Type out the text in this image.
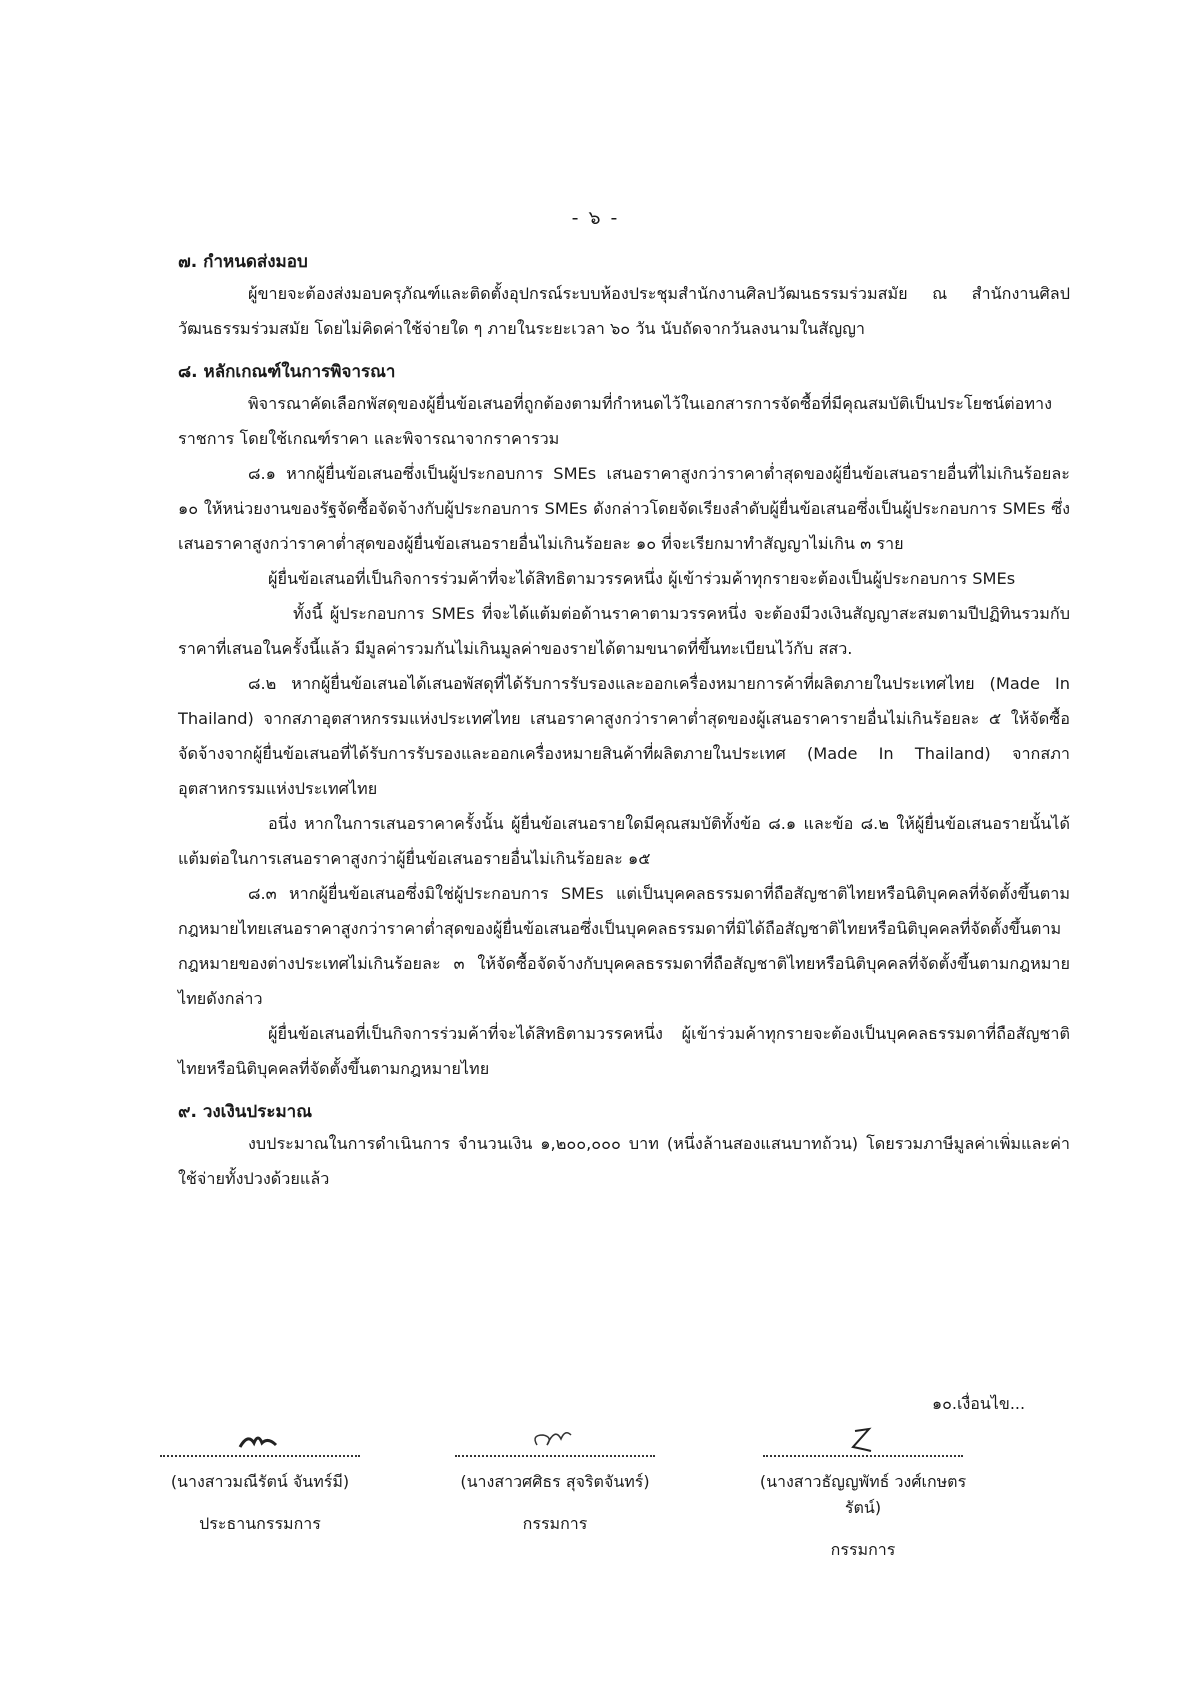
- ๖ -

๗. กำหนดส่งมอบ

ผู้ขายจะต้องส่งมอบครุภัณฑ์และติดตั้งอุปกรณ์ระบบห้องประชุมสำนักงานศิลปวัฒนธรรมร่วมสมัย ณ สำนักงานศิลปวัฒนธรรมร่วมสมัย โดยไม่คิดค่าใช้จ่ายใด ๆ ภายในระยะเวลา ๖๐ วัน นับถัดจากวันลงนามในสัญญา

๘. หลักเกณฑ์ในการพิจารณา

พิจารณาคัดเลือกพัสดุของผู้ยื่นข้อเสนอที่ถูกต้องตามที่กำหนดไว้ในเอกสารการจัดซื้อที่มีคุณสมบัติเป็นประโยชน์ต่อทางราชการ โดยใช้เกณฑ์ราคา และพิจารณาจากราคารวม

๘.๑ หากผู้ยื่นข้อเสนอซึ่งเป็นผู้ประกอบการ SMEs เสนอราคาสูงกว่าราคาต่ำสุดของผู้ยื่นข้อเสนอรายอื่นที่ไม่เกินร้อยละ ๑๐ ให้หน่วยงานของรัฐจัดซื้อจัดจ้างกับผู้ประกอบการ SMEs ดังกล่าวโดยจัดเรียงลำดับผู้ยื่นข้อเสนอซึ่งเป็นผู้ประกอบการ SMEs ซึ่งเสนอราคาสูงกว่าราคาต่ำสุดของผู้ยื่นข้อเสนอรายอื่นไม่เกินร้อยละ ๑๐ ที่จะเรียกมาทำสัญญาไม่เกิน ๓ ราย

ผู้ยื่นข้อเสนอที่เป็นกิจการร่วมค้าที่จะได้สิทธิตามวรรคหนึ่ง ผู้เข้าร่วมค้าทุกรายจะต้องเป็นผู้ประกอบการ SMEs

ทั้งนี้ ผู้ประกอบการ SMEs ที่จะได้แต้มต่อด้านราคาตามวรรคหนึ่ง จะต้องมีวงเงินสัญญาสะสมตามปีปฏิทินรวมกับราคาที่เสนอในครั้งนี้แล้ว มีมูลค่ารวมกันไม่เกินมูลค่าของรายได้ตามขนาดที่ขึ้นทะเบียนไว้กับ สสว.

๘.๒ หากผู้ยื่นข้อเสนอได้เสนอพัสดุที่ได้รับการรับรองและออกเครื่องหมายการค้าที่ผลิตภายในประเทศไทย (Made In Thailand) จากสภาอุตสาหกรรมแห่งประเทศไทย เสนอราคาสูงกว่าราคาต่ำสุดของผู้เสนอราคารายอื่นไม่เกินร้อยละ ๕ ให้จัดซื้อจัดจ้างจากผู้ยื่นข้อเสนอที่ได้รับการรับรองและออกเครื่องหมายสินค้าที่ผลิตภายในประเทศ (Made In Thailand) จากสภาอุตสาหกรรมแห่งประเทศไทย

อนึ่ง หากในการเสนอราคาครั้งนั้น ผู้ยื่นข้อเสนอรายใดมีคุณสมบัติทั้งข้อ ๘.๑ และข้อ ๘.๒ ให้ผู้ยื่นข้อเสนอรายนั้นได้แต้มต่อในการเสนอราคาสูงกว่าผู้ยื่นข้อเสนอรายอื่นไม่เกินร้อยละ ๑๕

๘.๓ หากผู้ยื่นข้อเสนอซึ่งมิใช่ผู้ประกอบการ SMEs แต่เป็นบุคคลธรรมดาที่ถือสัญชาติไทยหรือนิติบุคคลที่จัดตั้งขึ้นตามกฎหมายไทยเสนอราคาสูงกว่าราคาต่ำสุดของผู้ยื่นข้อเสนอซึ่งเป็นบุคคลธรรมดาที่มิได้ถือสัญชาติไทยหรือนิติบุคคลที่จัดตั้งขึ้นตามกฎหมายของต่างประเทศไม่เกินร้อยละ ๓ ให้จัดซื้อจัดจ้างกับบุคคลธรรมดาที่ถือสัญชาติไทยหรือนิติบุคคลที่จัดตั้งขึ้นตามกฎหมายไทยดังกล่าว

ผู้ยื่นข้อเสนอที่เป็นกิจการร่วมค้าที่จะได้สิทธิตามวรรคหนึ่ง ผู้เข้าร่วมค้าทุกรายจะต้องเป็นบุคคลธรรมดาที่ถือสัญชาติไทยหรือนิติบุคคลที่จัดตั้งขึ้นตามกฎหมายไทย

๙. วงเงินประมาณ

งบประมาณในการดำเนินการ จำนวนเงิน ๑,๒๐๐,๐๐๐ บาท (หนึ่งล้านสองแสนบาทถ้วน) โดยรวมภาษีมูลค่าเพิ่มและค่าใช้จ่ายทั้งปวงด้วยแล้ว

๑๐.เงื่อนไข...
(นางสาวมณีรัตน์ จันทร์มี)
ประธานกรรมการ
(นางสาวศศิธร สุจริตจันทร์)
กรรมการ
(นางสาวธัญญพัทธ์ วงศ์เกษตรรัตน์)
กรรมการ
